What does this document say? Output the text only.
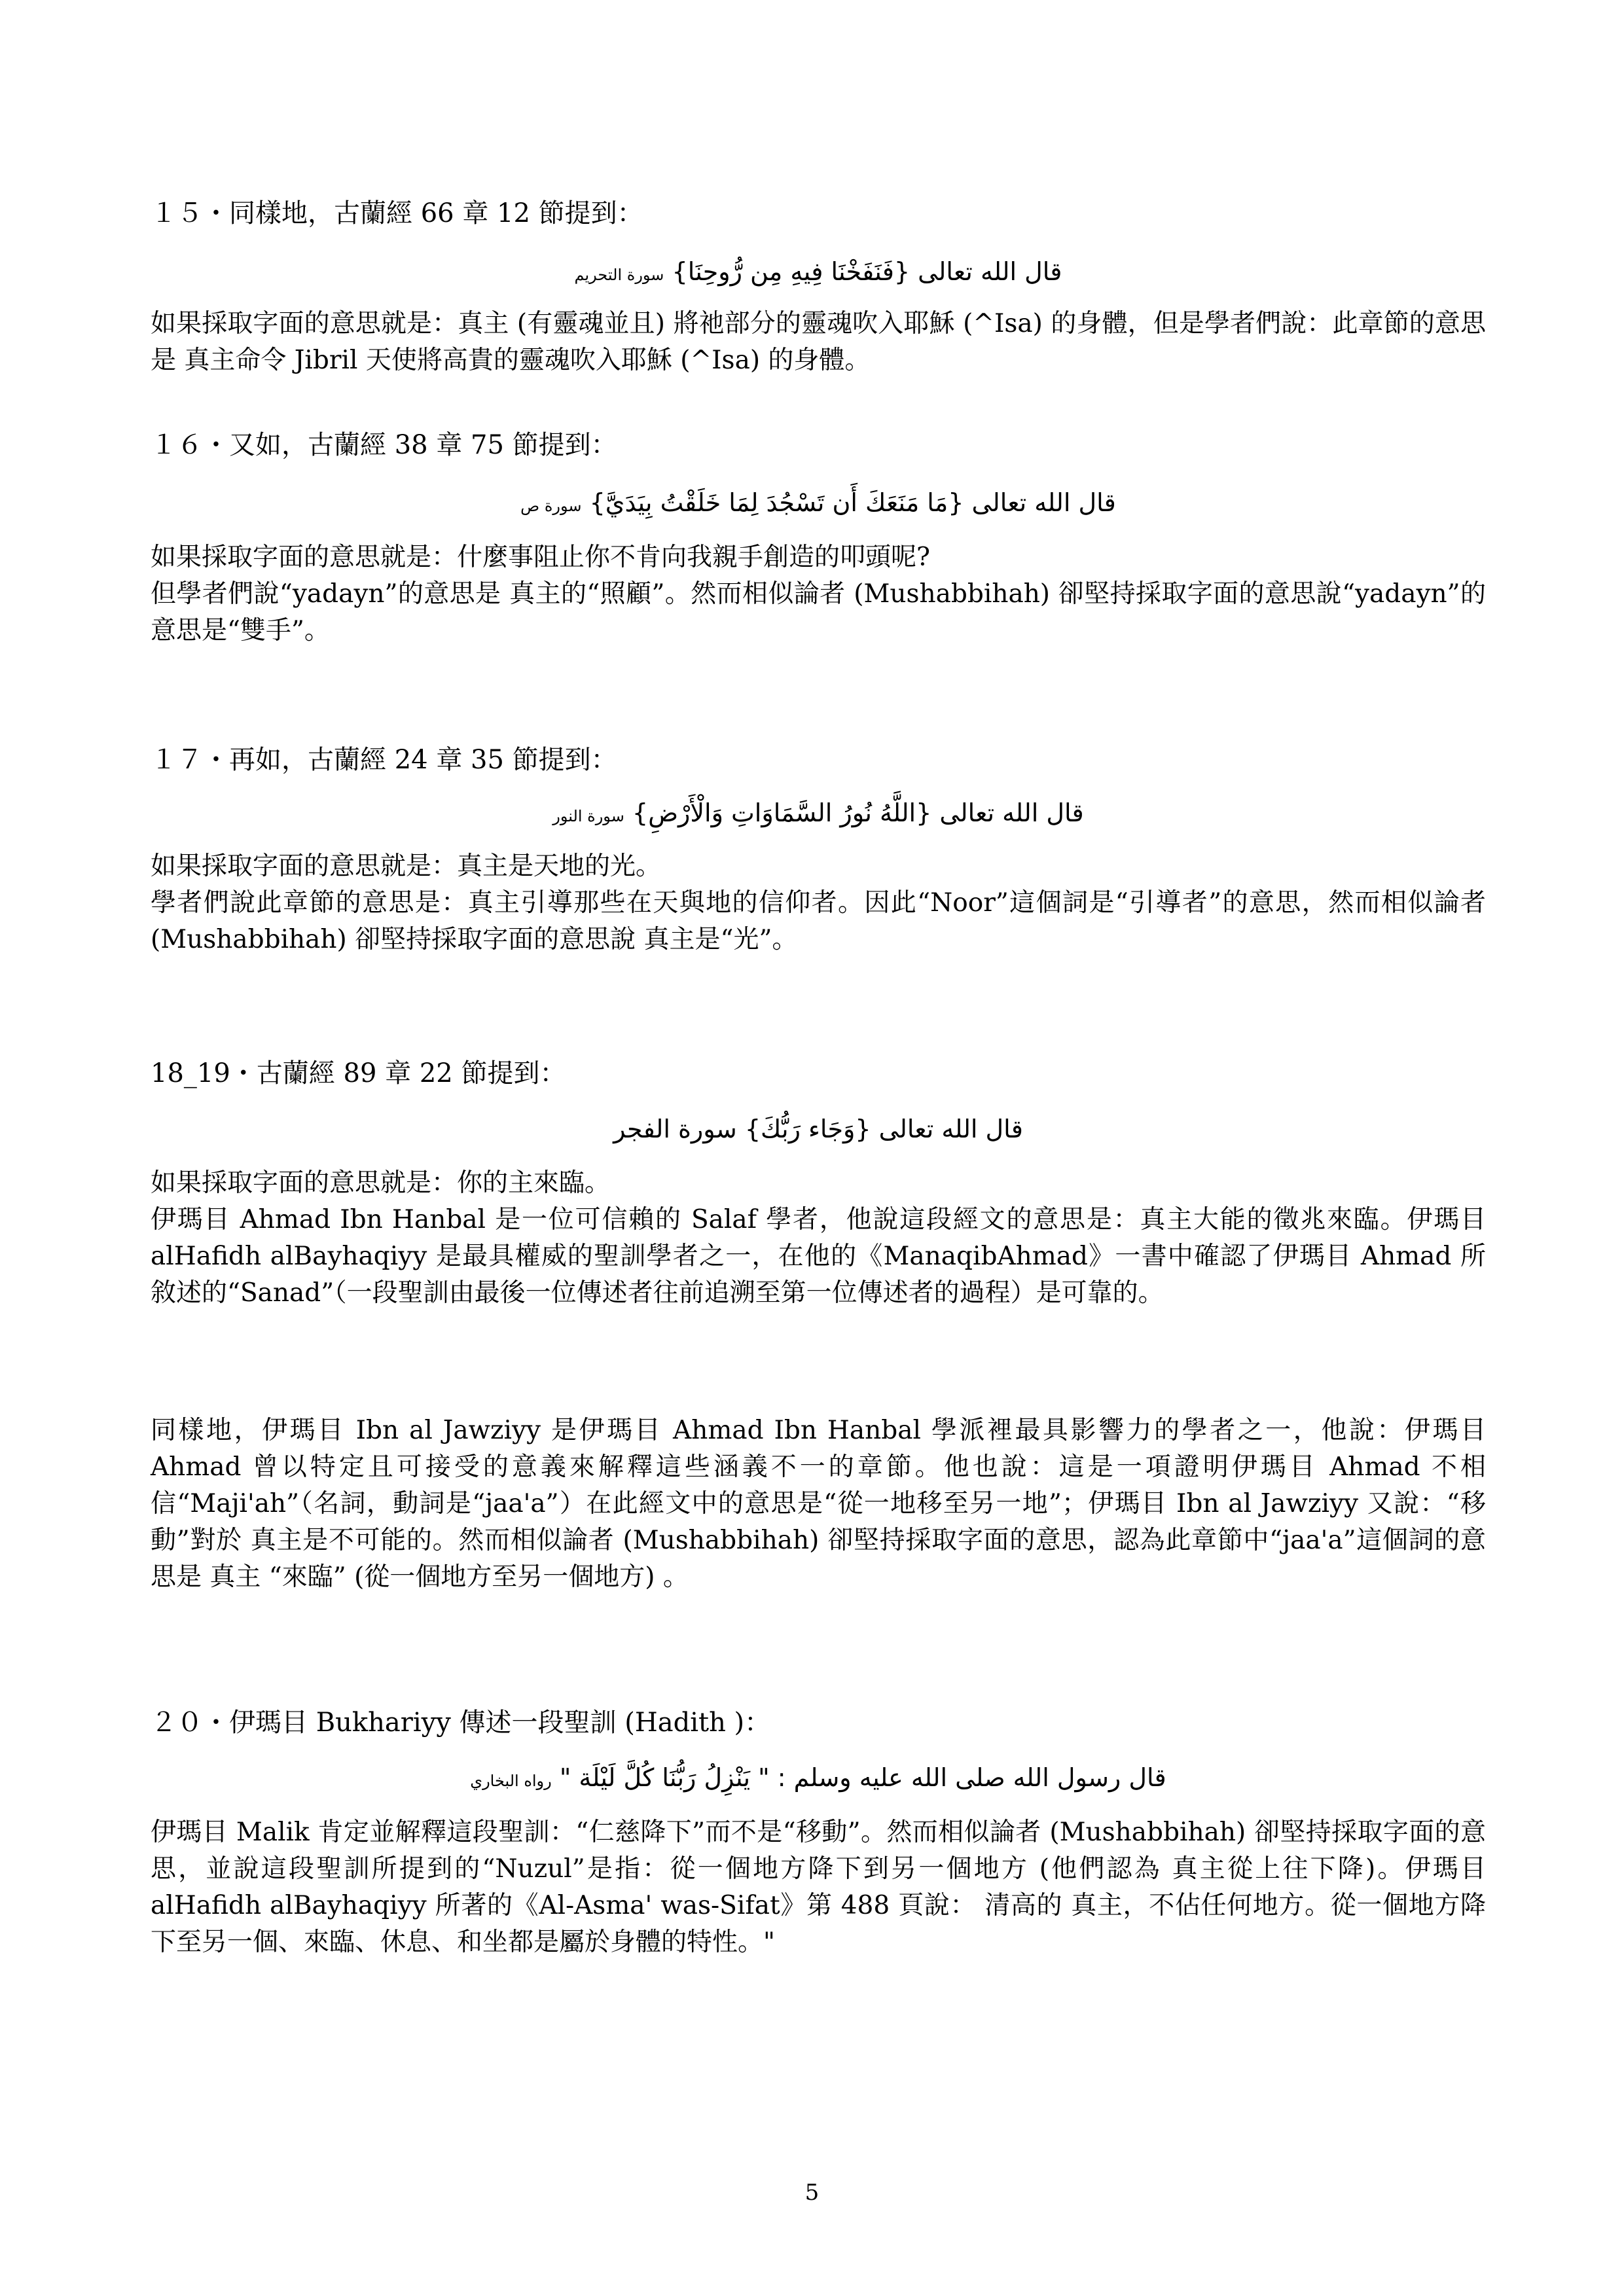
１５・同樣地，古蘭經 66 章 12 節提到：
قال الله تعالى {فَنَفَخْنَا فِيهِ مِن رُّوحِنَا} سورة التحريم

如果採取字面的意思就是：真主 (有靈魂並且) 將祂部分的靈魂吹入耶穌 (^Isa) 的身體，但是學者們說：此章節的意思是 真主命令 Jibril 天使將高貴的靈魂吹入耶穌 (^Isa) 的身體。

１６・又如，古蘭經 38 章 75 節提到：
قال الله تعالى {مَا مَنَعَكَ أَن تَسْجُدَ لِمَا خَلَقْتُ بِيَدَيَّ} سورة ص

如果採取字面的意思就是：什麼事阻止你不肯向我親手創造的叩頭呢?

但學者們說“yadayn”的意思是 真主的“照顧”。然而相似論者 (Mushabbihah) 卻堅持採取字面的意思說“yadayn”的意思是“雙手”。

１７・再如，古蘭經 24 章 35 節提到：
قال الله تعالى {اللَّهُ نُورُ السَّمَاوَاتِ وَالْأَرْضِ} سورة النور

如果採取字面的意思就是：真主是天地的光。

學者們說此章節的意思是：真主引導那些在天與地的信仰者。因此“Noor”這個詞是“引導者”的意思，然而相似論者 (Mushabbihah) 卻堅持採取字面的意思說 真主是“光”。

18_19・古蘭經 89 章 22 節提到：
قال الله تعالى {وَجَاء رَبُّكَ} سورة الفجر

如果採取字面的意思就是：你的主來臨。

伊瑪目 Ahmad Ibn Hanbal 是一位可信賴的 Salaf 學者，他說這段經文的意思是：真主大能的徵兆來臨。伊瑪目 alHafidh alBayhaqiyy 是最具權威的聖訓學者之一，在他的《ManaqibAhmad》一書中確認了伊瑪目 Ahmad 所敘述的“Sanad”（一段聖訓由最後一位傳述者往前追溯至第一位傳述者的過程）是可靠的。

同樣地，伊瑪目 Ibn al Jawziyy 是伊瑪目 Ahmad Ibn Hanbal 學派裡最具影響力的學者之一，他說：伊瑪目 Ahmad 曾以特定且可接受的意義來解釋這些涵義不一的章節。他也說：這是一項證明伊瑪目 Ahmad 不相信“Maji'ah”（名詞，動詞是“jaa'a”）在此經文中的意思是“從一地移至另一地”；伊瑪目 Ibn al Jawziyy 又說：“移動”對於 真主是不可能的。然而相似論者 (Mushabbihah) 卻堅持採取字面的意思，認為此章節中“jaa'a”這個詞的意思是 真主 “來臨” (從一個地方至另一個地方) 。

２０・伊瑪目 Bukhariyy 傳述一段聖訓 (Hadith )：
قال رسول الله صلى الله عليه وسلم : " يَنْزِلُ رَبُّنَا كُلَّ لَيْلَة " رواه البخاري

伊瑪目 Malik 肯定並解釋這段聖訓：“仁慈降下”而不是“移動”。然而相似論者 (Mushabbihah) 卻堅持採取字面的意思，並說這段聖訓所提到的“Nuzul”是指：從一個地方降下到另一個地方 (他們認為 真主從上往下降)。伊瑪目 alHafidh alBayhaqiyy 所著的《Al-Asma' was-Sifat》第 488 頁說： 清高的 真主，不佔任何地方。從一個地方降下至另一個、來臨、休息、和坐都是屬於身體的特性。"

5
